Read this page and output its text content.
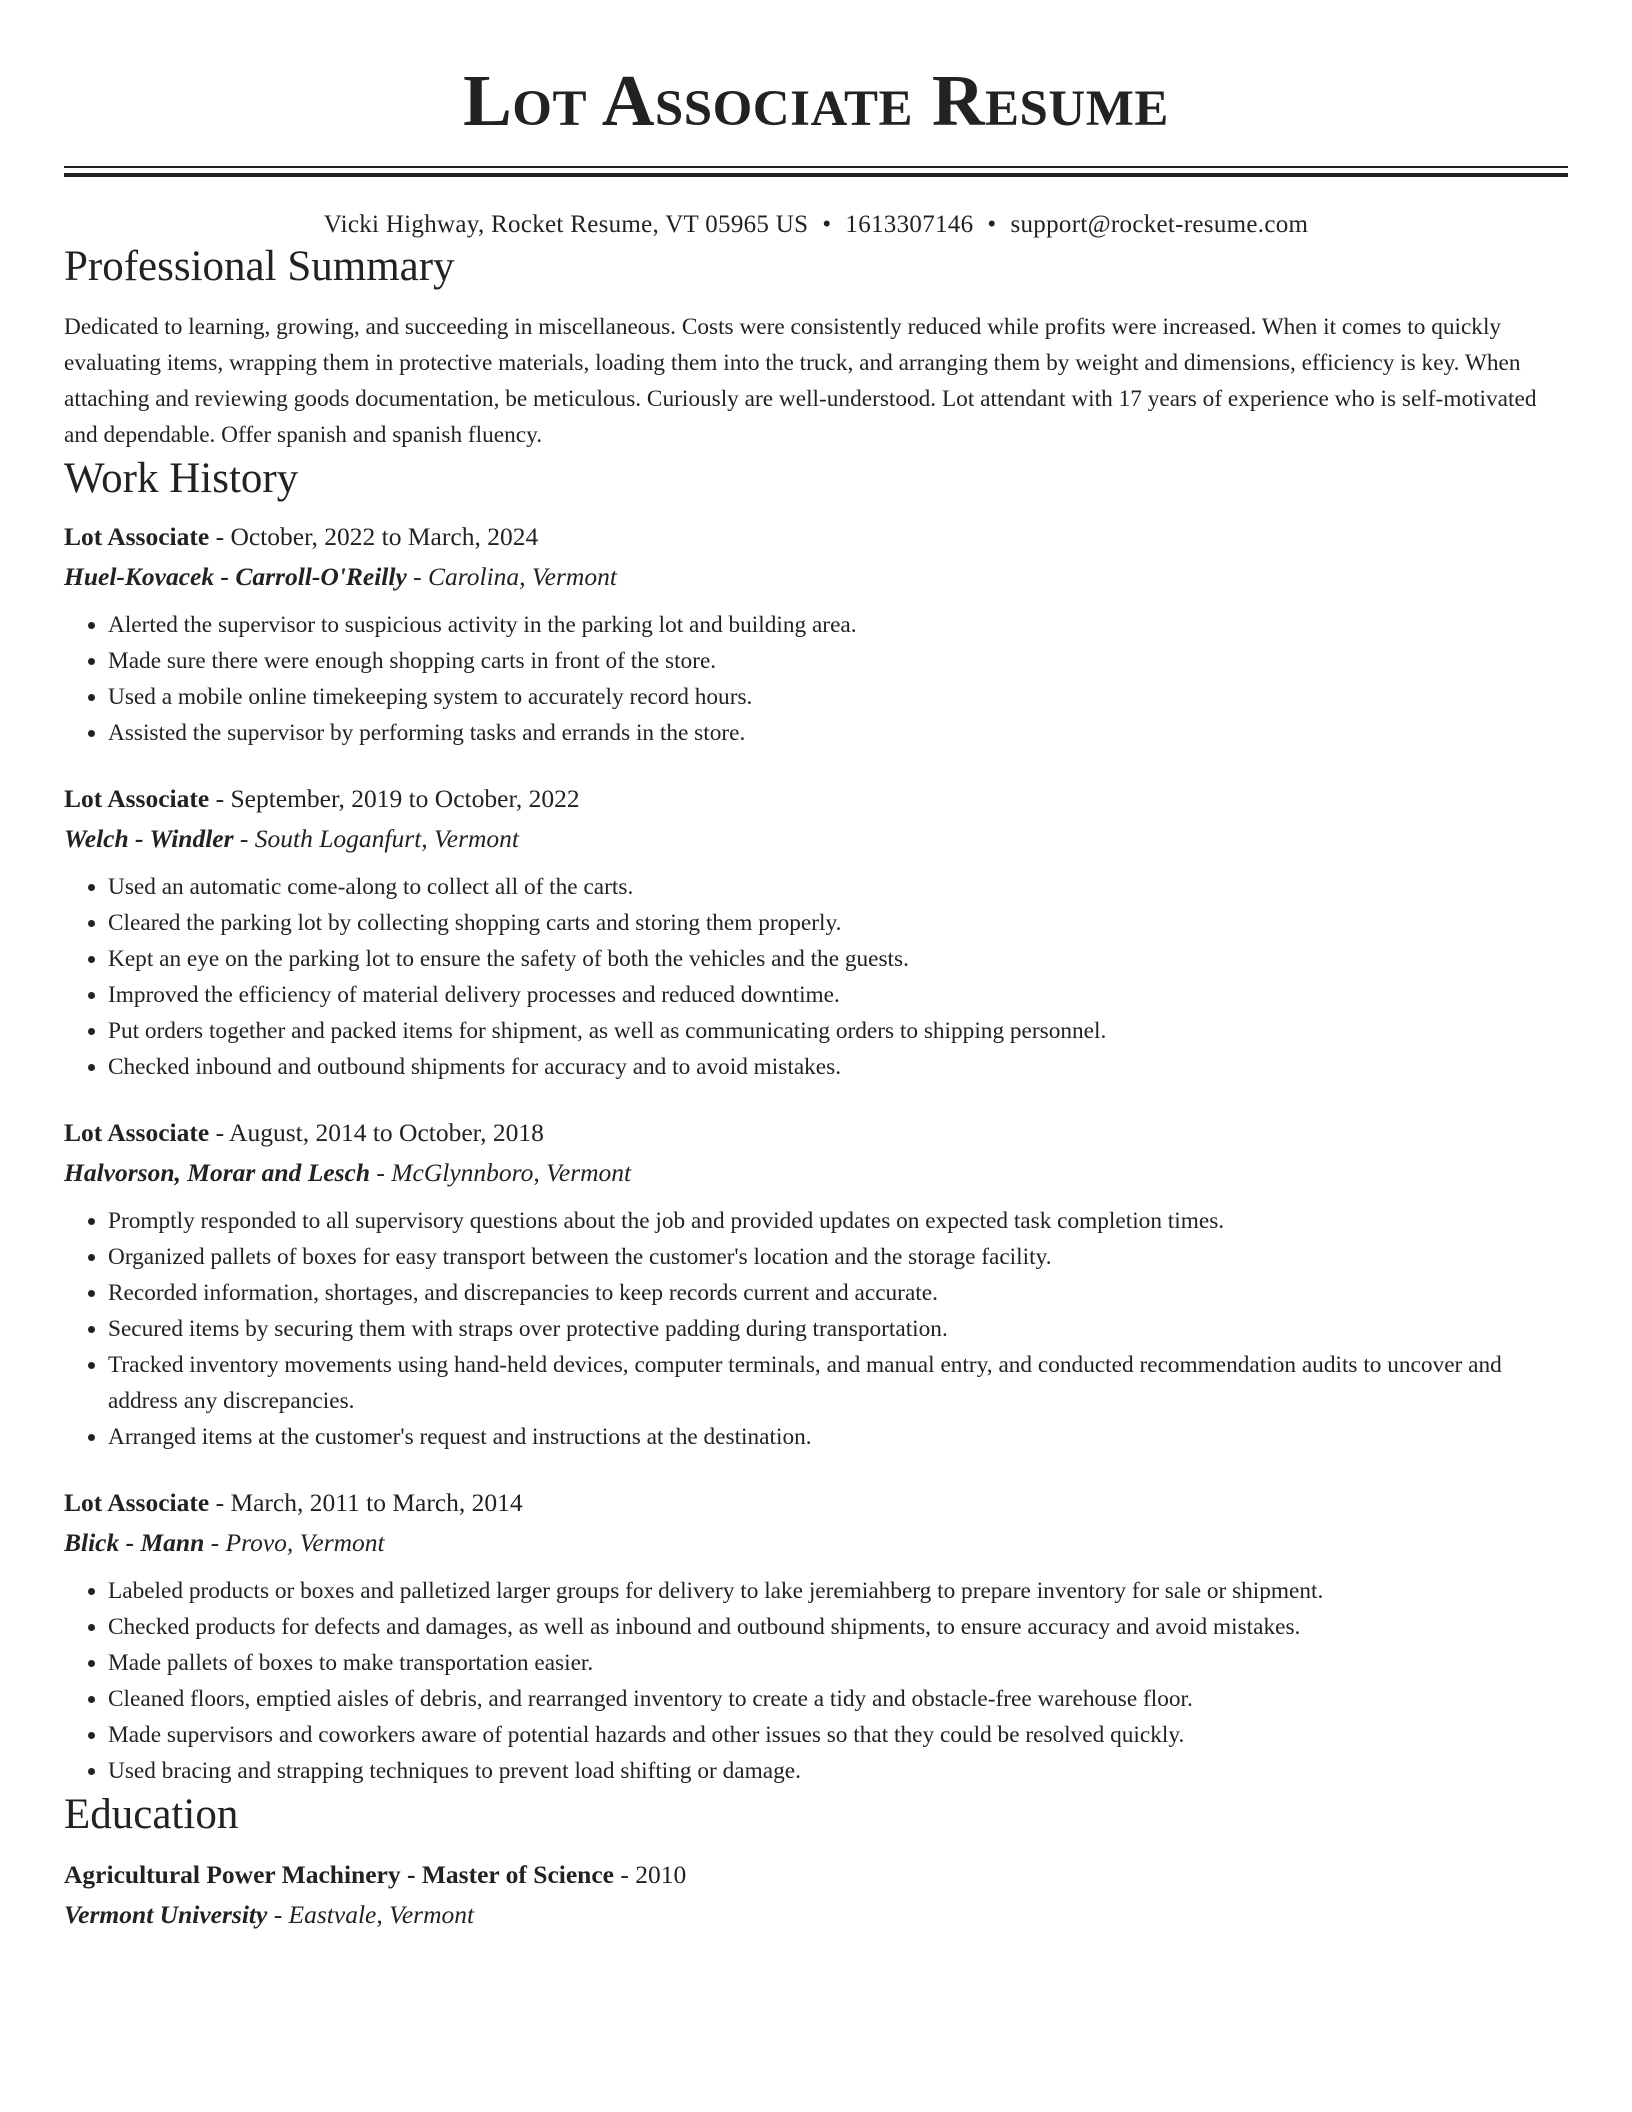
Lot Associate Resume
Vicki Highway, Rocket Resume, VT 05965 US • 1613307146 • support@rocket-resume.com
Professional Summary

Dedicated to learning, growing, and succeeding in miscellaneous. Costs were consistently reduced while profits were increased. When it comes to quickly evaluating items, wrapping them in protective materials, loading them into the truck, and arranging them by weight and dimensions, efficiency is key. When attaching and reviewing goods documentation, be meticulous. Curiously are well-understood. Lot attendant with 17 years of experience who is self-motivated and dependable. Offer spanish and spanish fluency.

Work History
Lot Associate - October, 2022 to March, 2024
Huel-Kovacek - Carroll-O'Reilly - Carolina, Vermont
• Alerted the supervisor to suspicious activity in the parking lot and building area.
• Made sure there were enough shopping carts in front of the store.
• Used a mobile online timekeeping system to accurately record hours.
• Assisted the supervisor by performing tasks and errands in the store.
Lot Associate - September, 2019 to October, 2022
Welch - Windler - South Loganfurt, Vermont
• Used an automatic come-along to collect all of the carts.
• Cleared the parking lot by collecting shopping carts and storing them properly.
• Kept an eye on the parking lot to ensure the safety of both the vehicles and the guests.
• Improved the efficiency of material delivery processes and reduced downtime.
• Put orders together and packed items for shipment, as well as communicating orders to shipping personnel.
• Checked inbound and outbound shipments for accuracy and to avoid mistakes.
Lot Associate - August, 2014 to October, 2018
Halvorson, Morar and Lesch - McGlynnboro, Vermont
• Promptly responded to all supervisory questions about the job and provided updates on expected task completion times.
• Organized pallets of boxes for easy transport between the customer's location and the storage facility.
• Recorded information, shortages, and discrepancies to keep records current and accurate.
• Secured items by securing them with straps over protective padding during transportation.
• Tracked inventory movements using hand-held devices, computer terminals, and manual entry, and conducted recommendation audits to uncover and address any discrepancies.
• Arranged items at the customer's request and instructions at the destination.
Lot Associate - March, 2011 to March, 2014
Blick - Mann - Provo, Vermont
• Labeled products or boxes and palletized larger groups for delivery to lake jeremiahberg to prepare inventory for sale or shipment.
• Checked products for defects and damages, as well as inbound and outbound shipments, to ensure accuracy and avoid mistakes.
• Made pallets of boxes to make transportation easier.
• Cleaned floors, emptied aisles of debris, and rearranged inventory to create a tidy and obstacle-free warehouse floor.
• Made supervisors and coworkers aware of potential hazards and other issues so that they could be resolved quickly.
• Used bracing and strapping techniques to prevent load shifting or damage.
Education
Agricultural Power Machinery - Master of Science - 2010
Vermont University - Eastvale, Vermont
